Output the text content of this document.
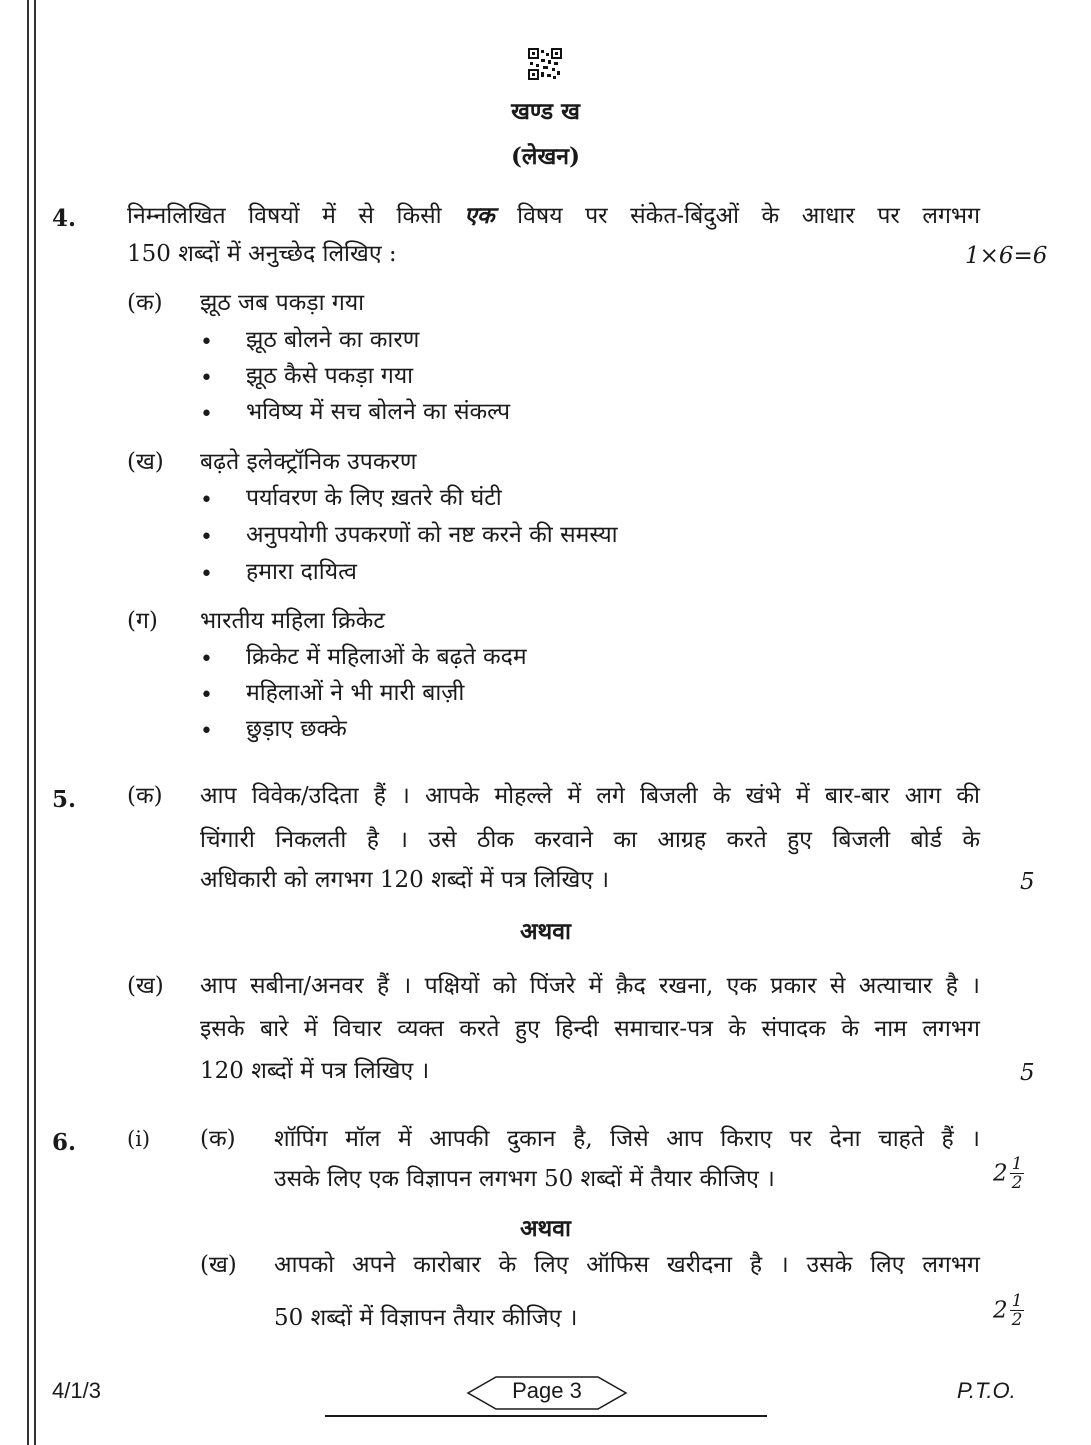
खण्ड ख
(लेखन)
4. निम्नलिखित विषयों में से किसी एक विषय पर संकेत-बिंदुओं के आधार पर लगभग
150 शब्दों में अनुच्छेद लिखिए :	1×6=6
(क) झूठ जब पकड़ा गया
• झूठ बोलने का कारण
• झूठ कैसे पकड़ा गया
• भविष्य में सच बोलने का संकल्प
(ख) बढ़ते इलेक्ट्रॉनिक उपकरण
• पर्यावरण के लिए ख़तरे की घंटी
• अनुपयोगी उपकरणों को नष्ट करने की समस्या
• हमारा दायित्व
(ग) भारतीय महिला क्रिकेट
• क्रिकेट में महिलाओं के बढ़ते कदम
• महिलाओं ने भी मारी बाज़ी
• छुड़ाए छक्के
5. (क) आप विवेक/उदिता हैं । आपके मोहल्ले में लगे बिजली के खंभे में बार-बार आग की
चिंगारी निकलती है । उसे ठीक करवाने का आग्रह करते हुए बिजली बोर्ड के
अधिकारी को लगभग 120 शब्दों में पत्र लिखिए ।	5
अथवा
(ख) आप सबीना/अनवर हैं । पक्षियों को पिंजरे में क़ैद रखना, एक प्रकार से अत्याचार है ।
इसके बारे में विचार व्यक्त करते हुए हिन्दी समाचार-पत्र के संपादक के नाम लगभग
120 शब्दों में पत्र लिखिए ।	5
6. (i) (क) शॉपिंग मॉल में आपकी दुकान है, जिसे आप किराए पर देना चाहते हैं ।
उसके लिए एक विज्ञापन लगभग 50 शब्दों में तैयार कीजिए ।	$2 \frac{1}{2}$
अथवा
(ख) आपको अपने कारोबार के लिए ऑफिस खरीदना है । उसके लिए लगभग
50 शब्दों में विज्ञापन तैयार कीजिए ।	$2 \frac{1}{2}$
4/1/3	Page 3	P.T.O.
